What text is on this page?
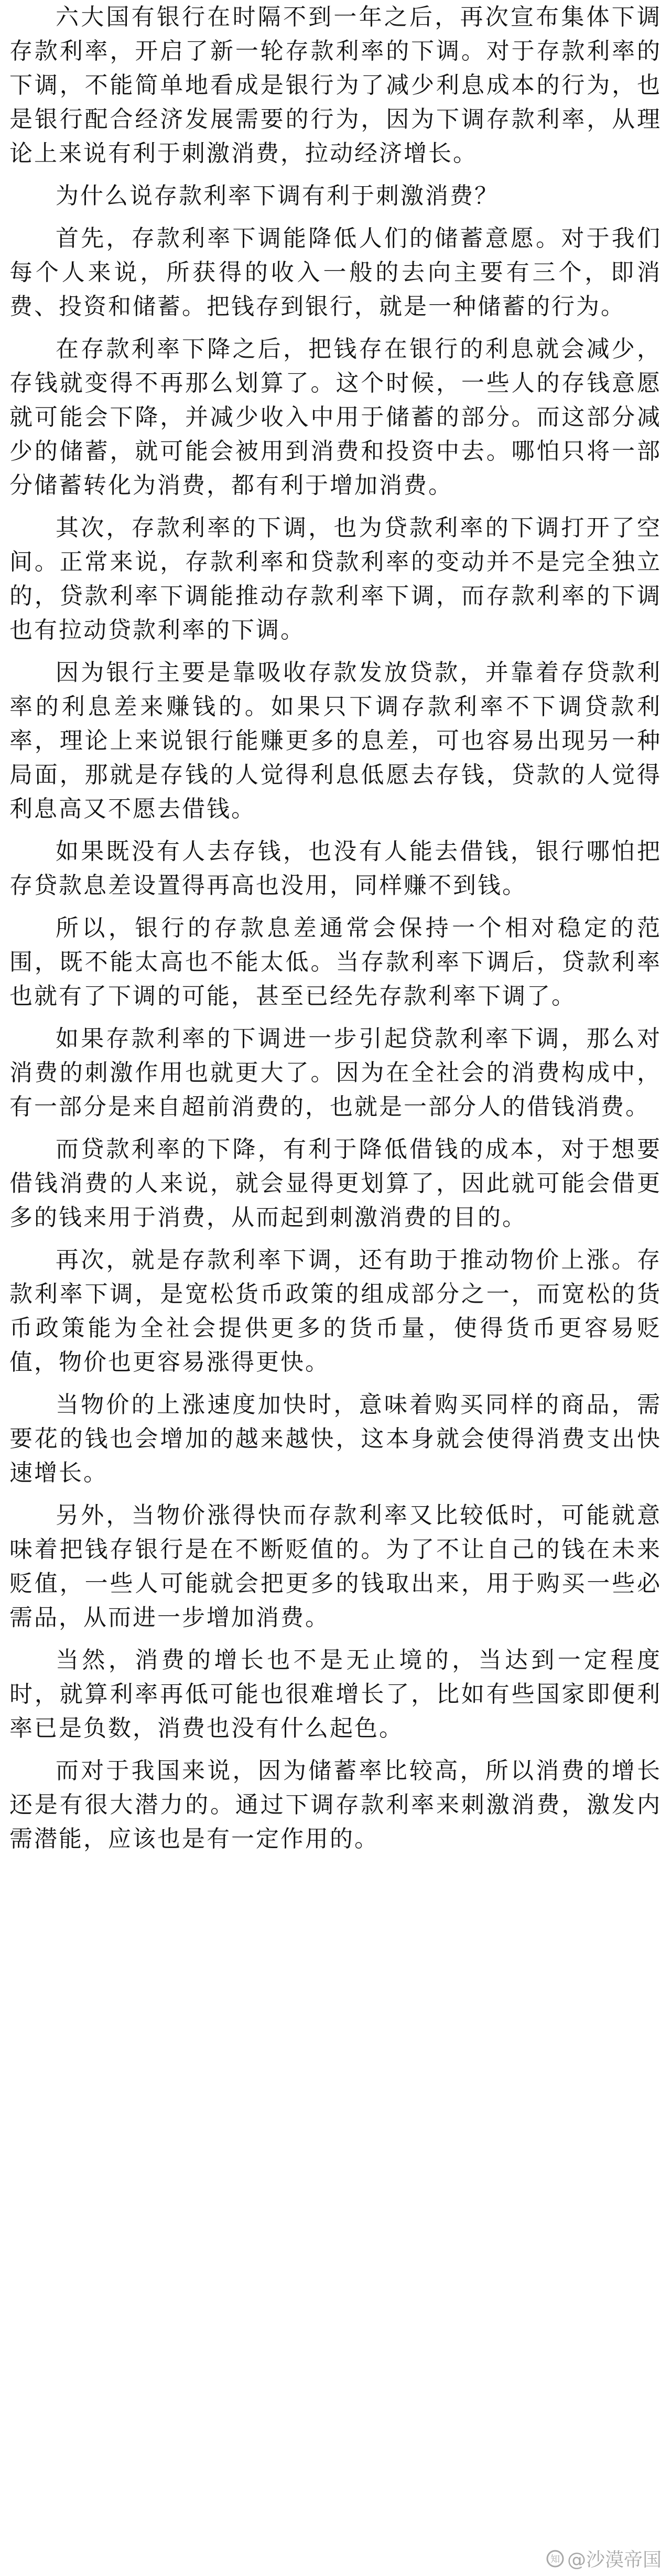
六大国有银行在时隔不到一年之后，再次宣布集体下调存款利率，开启了新一轮存款利率的下调。对于存款利率的下调，不能简单地看成是银行为了减少利息成本的行为，也是银行配合经济发展需要的行为，因为下调存款利率，从理论上来说有利于刺激消费，拉动经济增长。

为什么说存款利率下调有利于刺激消费？

首先，存款利率下调能降低人们的储蓄意愿。对于我们每个人来说，所获得的收入一般的去向主要有三个，即消费、投资和储蓄。把钱存到银行，就是一种储蓄的行为。

在存款利率下降之后，把钱存在银行的利息就会减少，存钱就变得不再那么划算了。这个时候，一些人的存钱意愿就可能会下降，并减少收入中用于储蓄的部分。而这部分减少的储蓄，就可能会被用到消费和投资中去。哪怕只将一部分储蓄转化为消费，都有利于增加消费。

其次，存款利率的下调，也为贷款利率的下调打开了空间。正常来说，存款利率和贷款利率的变动并不是完全独立的，贷款利率下调能推动存款利率下调，而存款利率的下调也有拉动贷款利率的下调。

因为银行主要是靠吸收存款发放贷款，并靠着存贷款利率的利息差来赚钱的。如果只下调存款利率不下调贷款利率，理论上来说银行能赚更多的息差，可也容易出现另一种局面，那就是存钱的人觉得利息低愿去存钱，贷款的人觉得利息高又不愿去借钱。

如果既没有人去存钱，也没有人能去借钱，银行哪怕把存贷款息差设置得再高也没用，同样赚不到钱。

所以，银行的存款息差通常会保持一个相对稳定的范围，既不能太高也不能太低。当存款利率下调后，贷款利率也就有了下调的可能，甚至已经先存款利率下调了。

如果存款利率的下调进一步引起贷款利率下调，那么对消费的刺激作用也就更大了。因为在全社会的消费构成中，有一部分是来自超前消费的，也就是一部分人的借钱消费。

而贷款利率的下降，有利于降低借钱的成本，对于想要借钱消费的人来说，就会显得更划算了，因此就可能会借更多的钱来用于消费，从而起到刺激消费的目的。

再次，就是存款利率下调，还有助于推动物价上涨。存款利率下调，是宽松货币政策的组成部分之一，而宽松的货币政策能为全社会提供更多的货币量，使得货币更容易贬值，物价也更容易涨得更快。

当物价的上涨速度加快时，意味着购买同样的商品，需要花的钱也会增加的越来越快，这本身就会使得消费支出快速增长。

另外，当物价涨得快而存款利率又比较低时，可能就意味着把钱存银行是在不断贬值的。为了不让自己的钱在未来贬值，一些人可能就会把更多的钱取出来，用于购买一些必需品，从而进一步增加消费。

当然，消费的增长也不是无止境的，当达到一定程度时，就算利率再低可能也很难增长了，比如有些国家即便利率已是负数，消费也没有什么起色。

而对于我国来说，因为储蓄率比较高，所以消费的增长还是有很大潜力的。通过下调存款利率来刺激消费，激发内需潜能，应该也是有一定作用的。

知 @沙漠帝国
